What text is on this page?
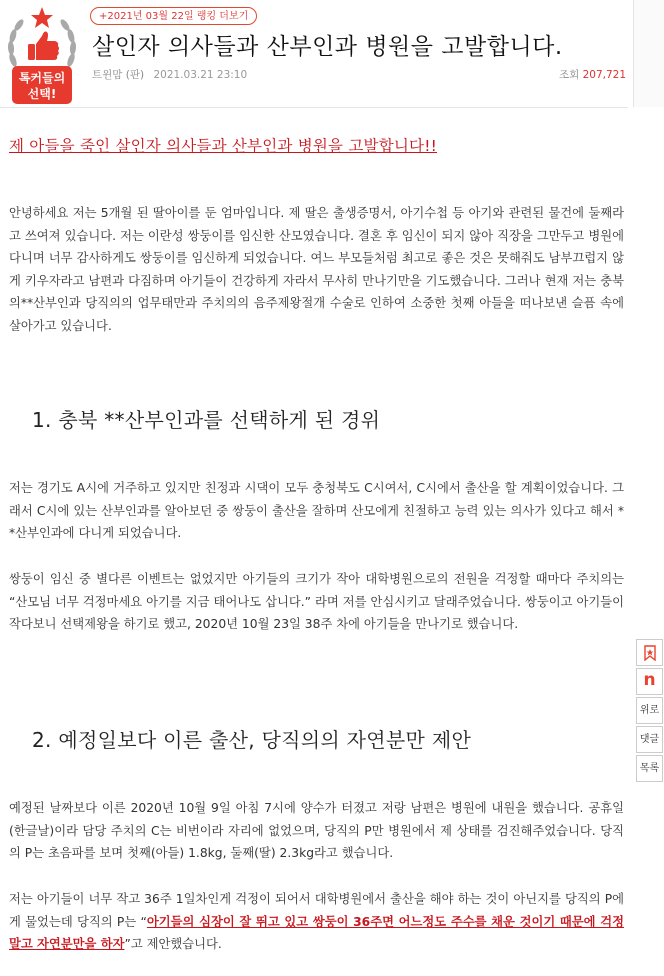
톡커들의
선택!
+2021년 03월 22일 랭킹 더보기
살인자 의사들과 산부인과 병원을 고발합니다.
트윈맘 (판) 2021.03.21 23:10	조회 207,721
제 아들을 죽인 살인자 의사들과 산부인과 병원을 고발합니다!!

안녕하세요 저는 5개월 된 딸아이를 둔 엄마입니다. 제 딸은 출생증명서, 아기수첩 등 아기와 관련된 물건에 둘째라고 쓰여져 있습니다. 저는 이란성 쌍둥이를 임신한 산모였습니다. 결혼 후 임신이 되지 않아 직장을 그만두고 병원에 다니며 너무 감사하게도 쌍둥이를 임신하게 되었습니다. 여느 부모들처럼 최고로 좋은 것은 못해줘도 남부끄럽지 않게 키우자라고 남편과 다짐하며 아기들이 건강하게 자라서 무사히 만나기만을 기도했습니다. 그러나 현재 저는 충북의**산부인과 당직의의 업무태만과 주치의의 음주제왕절개 수술로 인하여 소중한 첫째 아들을 떠나보낸 슬픔 속에 살아가고 있습니다.

1. 충북 **산부인과를 선택하게 된 경위

저는 경기도 A시에 거주하고 있지만 친정과 시댁이 모두 충청북도 C시여서, C시에서 출산을 할 계획이었습니다. 그래서 C시에 있는 산부인과를 알아보던 중 쌍둥이 출산을 잘하며 산모에게 친절하고 능력 있는 의사가 있다고 해서 **산부인과에 다니게 되었습니다.

쌍둥이 임신 중 별다른 이벤트는 없었지만 아기들의 크기가 작아 대학병원으로의 전원을 걱정할 때마다 주치의는 “산모님 너무 걱정마세요 아기를 지금 태어나도 삽니다.” 라며 저를 안심시키고 달래주었습니다. 쌍둥이고 아기들이 작다보니 선택제왕을 하기로 했고, 2020년 10월 23일 38주 차에 아기들을 만나기로 했습니다.

2. 예정일보다 이른 출산, 당직의의 자연분만 제안

예정된 날짜보다 이른 2020년 10월 9일 아침 7시에 양수가 터졌고 저랑 남편은 병원에 내원을 했습니다. 공휴일(한글날)이라 담당 주치의 C는 비번이라 자리에 없었으며, 당직의 P만 병원에서 제 상태를 검진해주었습니다. 당직의 P는 초음파를 보며 첫째(아들) 1.8kg, 둘째(딸) 2.3kg라고 했습니다.

저는 아기들이 너무 작고 36주 1일차인게 걱정이 되어서 대학병원에서 출산을 해야 하는 것이 아닌지를 당직의 P에게 물었는데 당직의 P는 “아기들의 심장이 잘 뛰고 있고 쌍둥이 36주면 어느정도 주수를 채운 것이기 때문에 걱정 말고 자연분만을 하자”고 제안했습니다.

n
위로
댓글
목록
